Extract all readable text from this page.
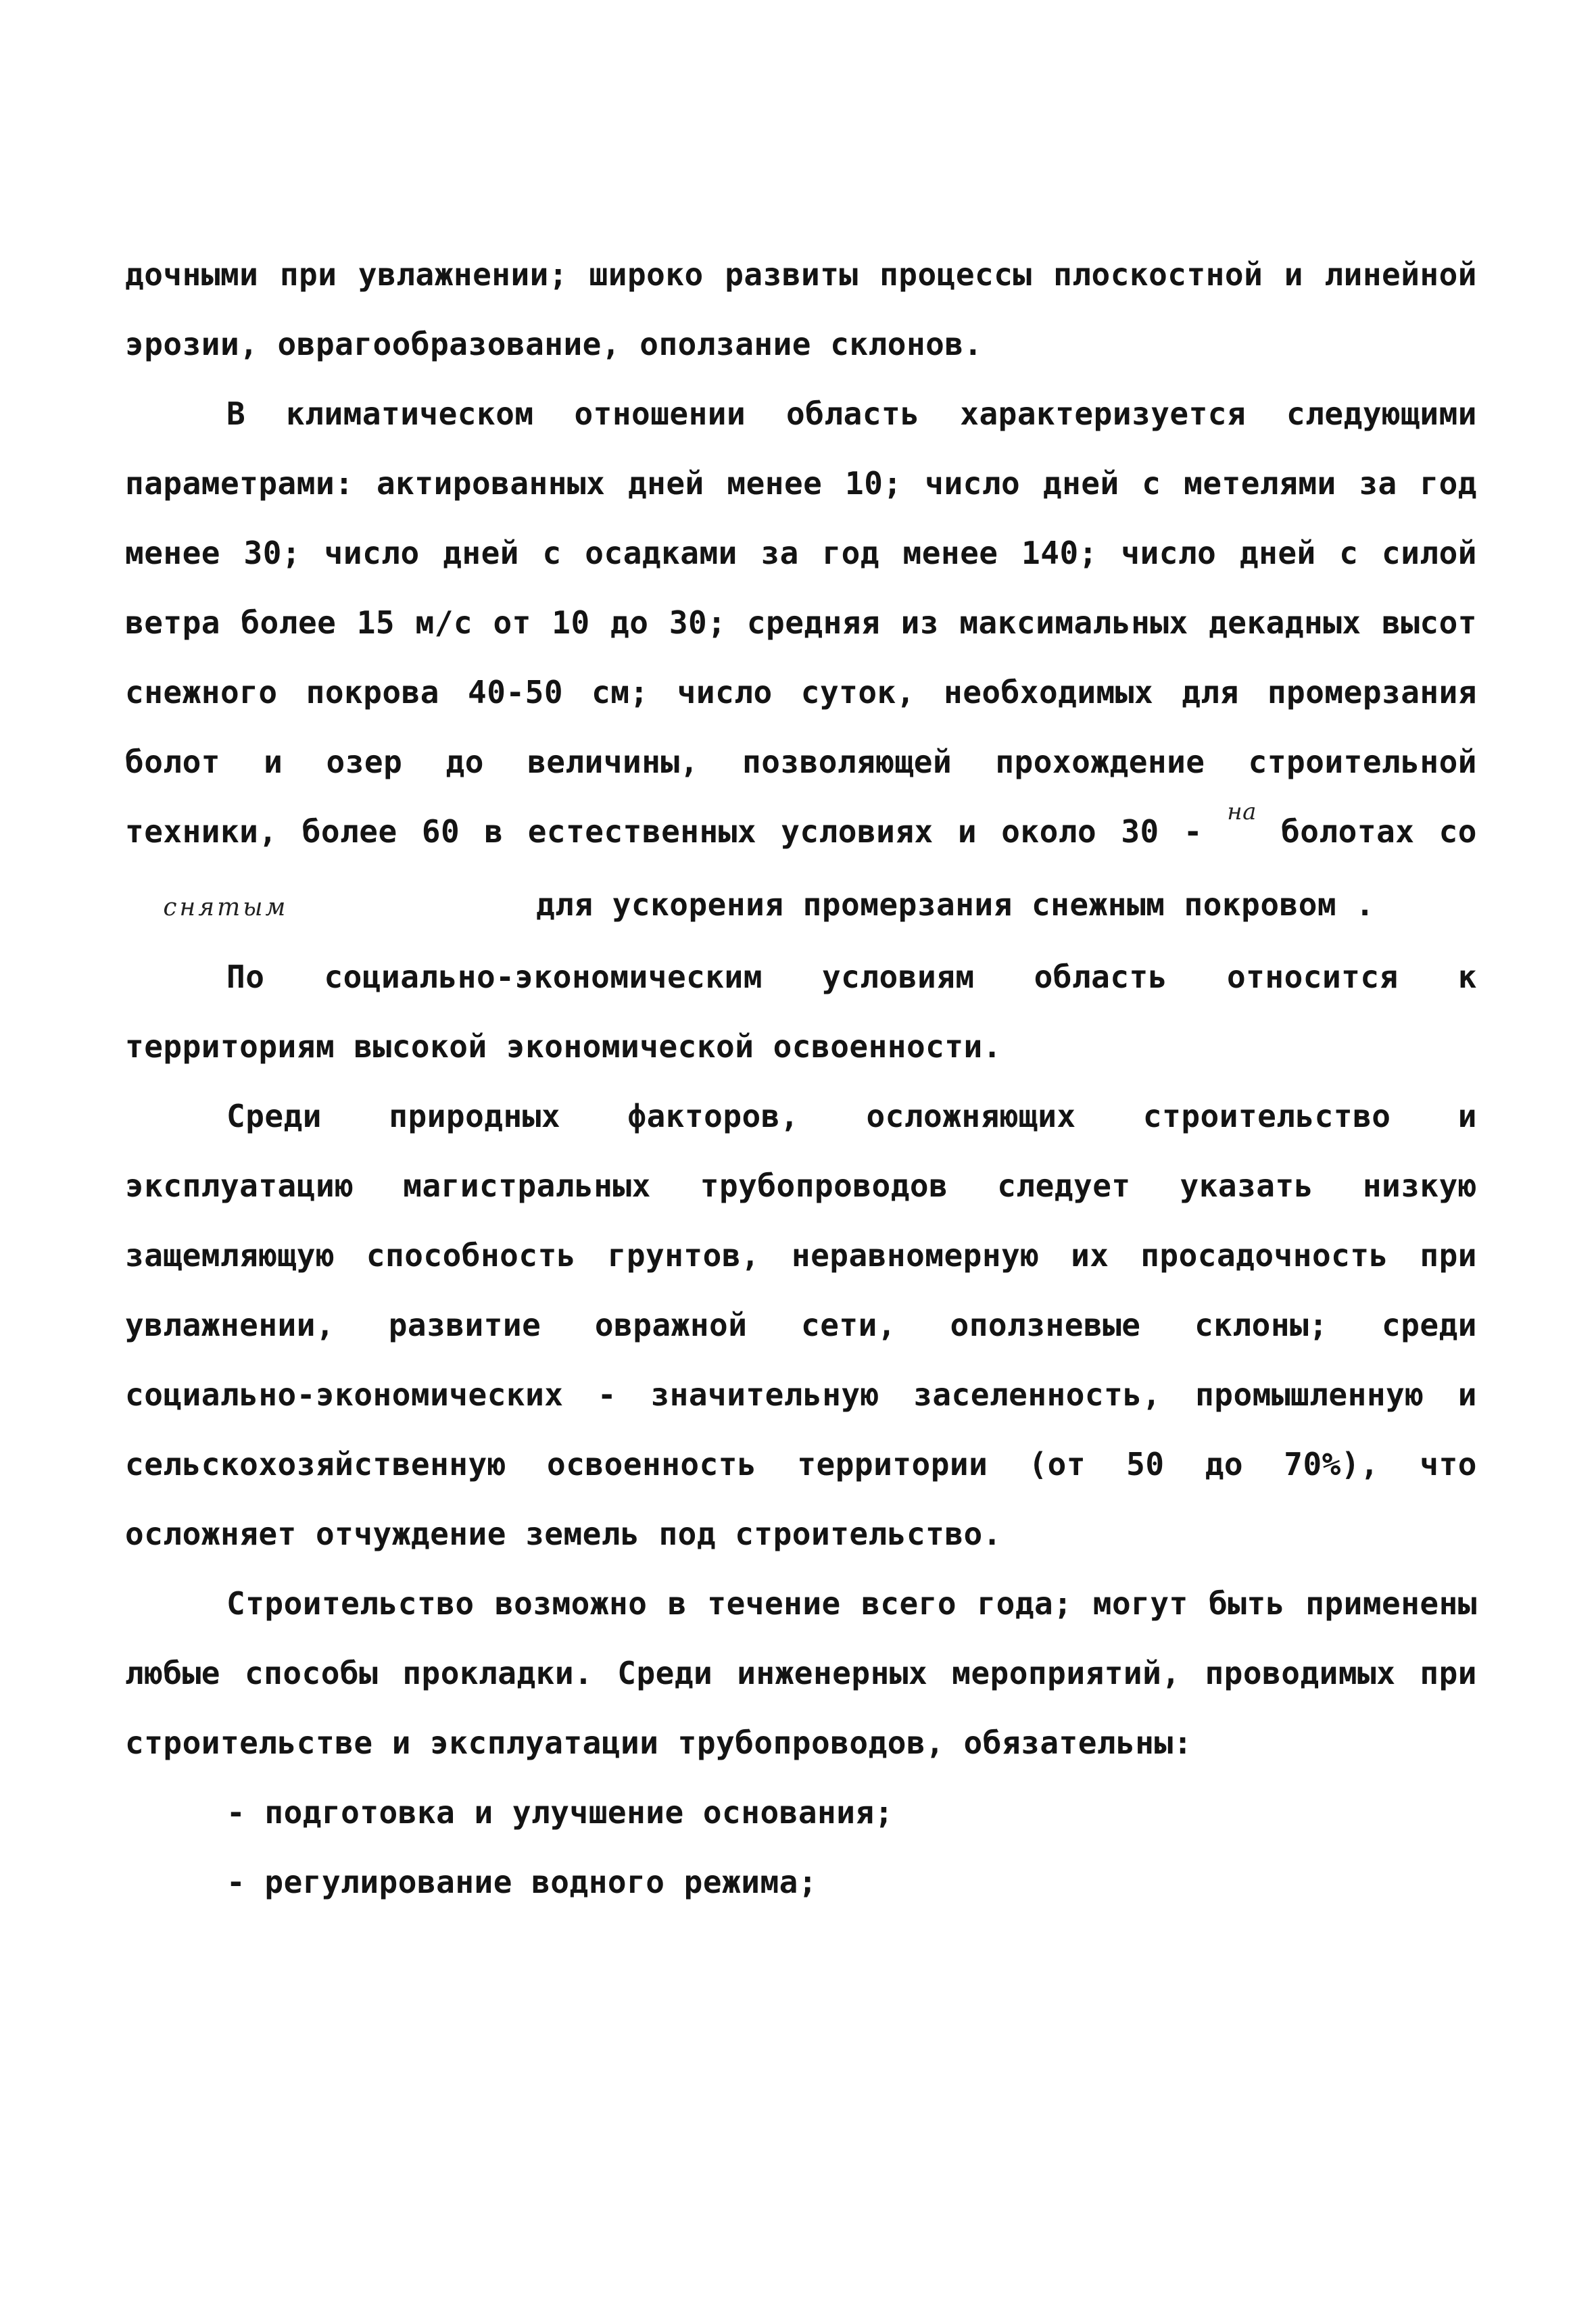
дочными при увлажнении; широко развиты процессы плоскостной и линейной эрозии, оврагообразование, оползание склонов.

В климатическом отношении область характеризуется следующими параметрами: актированных дней менее 10; число дней с метелями за год менее 30; число дней с осадками за год менее 140; число дней с силой ветра более 15 м/с от 10 до 30; средняя из максимальных декадных высот снежного покрова 40-50 см; число суток, необходимых для промерзания болот и озер до величины, позволяющей прохождение строительной техники, более 60 в естественных условиях и около 30 - $^{на}$ болотах со   снятым	для ускорения промерзания снежным покровом .

По социально-экономическим условиям область относится к территориям высокой экономической освоенности.

Среди природных факторов, осложняющих строительство и эксплуатацию магистральных трубопроводов следует указать низкую защемляющую способность грунтов, неравномерную их просадочность при увлажнении, развитие овражной сети, оползневые склоны; среди социально-экономических - значительную заселенность, промышленную и сельскохозяйственную освоенность территории (от 50 до 70%), что осложняет отчуждение земель под строительство.

Строительство возможно в течение всего года; могут быть применены любые способы прокладки. Среди инженерных мероприятий, проводимых при строительстве и эксплуатации трубопроводов, обязательны:

- подготовка и улучшение основания;

- регулирование водного режима;
